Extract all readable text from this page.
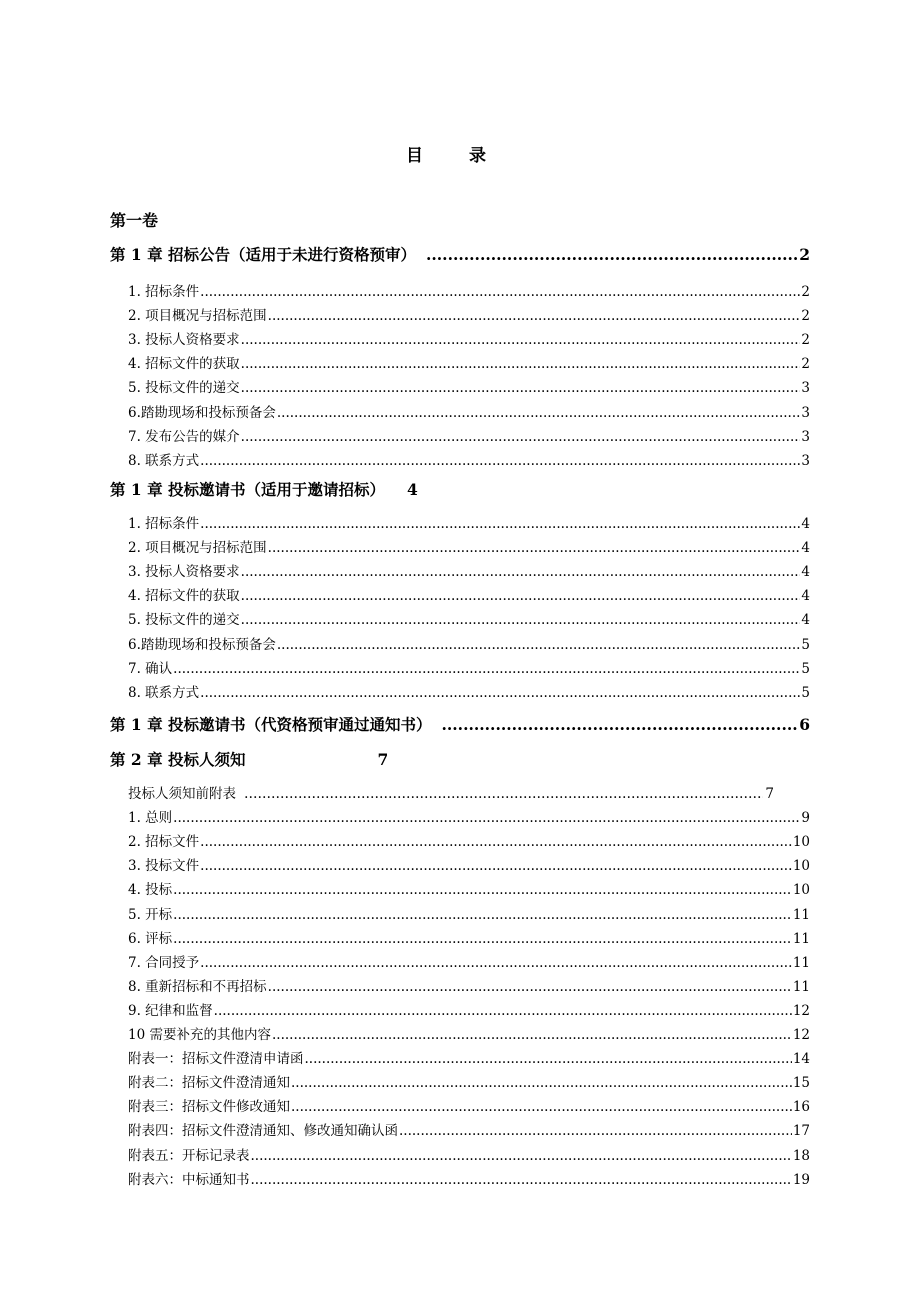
目 录
第一卷
第 1 章 招标公告（适用于未进行资格预审） .....	2
1. 招标条件 .....	2
2. 项目概况与招标范围 .....	2
3. 投标人资格要求 .....	2
4. 招标文件的获取 .....	2
5. 投标文件的递交 .....	3
6.踏勘现场和投标预备会 .....	3
7. 发布公告的媒介 .....	3
8. 联系方式 .....	3
第 1 章 投标邀请书（适用于邀请招标） 4
1. 招标条件 .....	4
2. 项目概况与招标范围 .....	4
3. 投标人资格要求 .....	4
4. 招标文件的获取 .....	4
5. 投标文件的递交 .....	4
6.踏勘现场和投标预备会 .....	5
7. 确认 .....	5
8. 联系方式 .....	5
第 1 章 投标邀请书（代资格预审通过通知书） .....	6
第 2 章 投标人须知	7
投标人须知前附表 ……………………………………………………………………………………………………………………………………………………………	7
1. 总则 .....	9
2. 招标文件 .....	10
3. 投标文件 .....	10
4. 投标 .....	10
5. 开标 .....	11
6. 评标 .....	11
7. 合同授予 .....	11
8. 重新招标和不再招标 .....	11
9. 纪律和监督 .....	12
10 需要补充的其他内容 .....	12
附表一：招标文件澄清申请函 .....	14
附表二：招标文件澄清通知 .....	15
附表三：招标文件修改通知 .....	16
附表四：招标文件澄清通知、修改通知确认函 .....	17
附表五：开标记录表 .....	18
附表六：中标通知书 .....	19
